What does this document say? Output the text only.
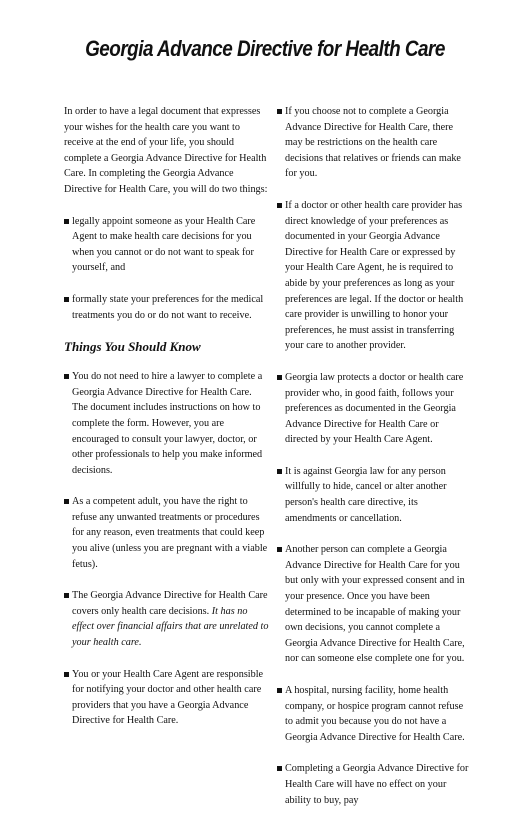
Georgia Advance Directive for Health Care

In order to have a legal document that expresses your wishes for the health care you want to receive at the end of your life, you should complete a Georgia Advance Directive for Health Care. In completing the Georgia Advance Directive for Health Care, you will do two things:

legally appoint someone as your Health Care Agent to make health care decisions for you when you cannot or do not want to speak for yourself, and

formally state your preferences for the medical treatments you do or do not want to receive.

Things You Should Know

You do not need to hire a lawyer to complete a Georgia Advance Directive for Health Care. The document includes instructions on how to complete the form. However, you are encouraged to consult your lawyer, doctor, or other professionals to help you make informed decisions.

As a competent adult, you have the right to refuse any unwanted treatments or procedures for any reason, even treatments that could keep you alive (unless you are pregnant with a viable fetus).

The Georgia Advance Directive for Health Care covers only health care decisions. It has no effect over financial affairs that are unrelated to your health care.

You or your Health Care Agent are responsible for notifying your doctor and other health care providers that you have a Georgia Advance Directive for Health Care.

If you choose not to complete a Georgia Advance Directive for Health Care, there may be restrictions on the health care decisions that relatives or friends can make for you.

If a doctor or other health care provider has direct knowledge of your preferences as documented in your Georgia Advance Directive for Health Care or expressed by your Health Care Agent, he is required to abide by your preferences as long as your preferences are legal. If the doctor or health care provider is unwilling to honor your preferences, he must assist in transferring your care to another provider.

Georgia law protects a doctor or health care provider who, in good faith, follows your preferences as documented in the Georgia Advance Directive for Health Care or directed by your Health Care Agent.

It is against Georgia law for any person willfully to hide, cancel or alter another person's health care directive, its amendments or cancellation.

Another person can complete a Georgia Advance Directive for Health Care for you but only with your expressed consent and in your presence. Once you have been determined to be incapable of making your own decisions, you cannot complete a Georgia Advance Directive for Health Care, nor can someone else complete one for you.

A hospital, nursing facility, home health company, or hospice program cannot refuse to admit you because you do not have a Georgia Advance Directive for Health Care.

Completing a Georgia Advance Directive for Health Care will have no effect on your ability to buy, pay
